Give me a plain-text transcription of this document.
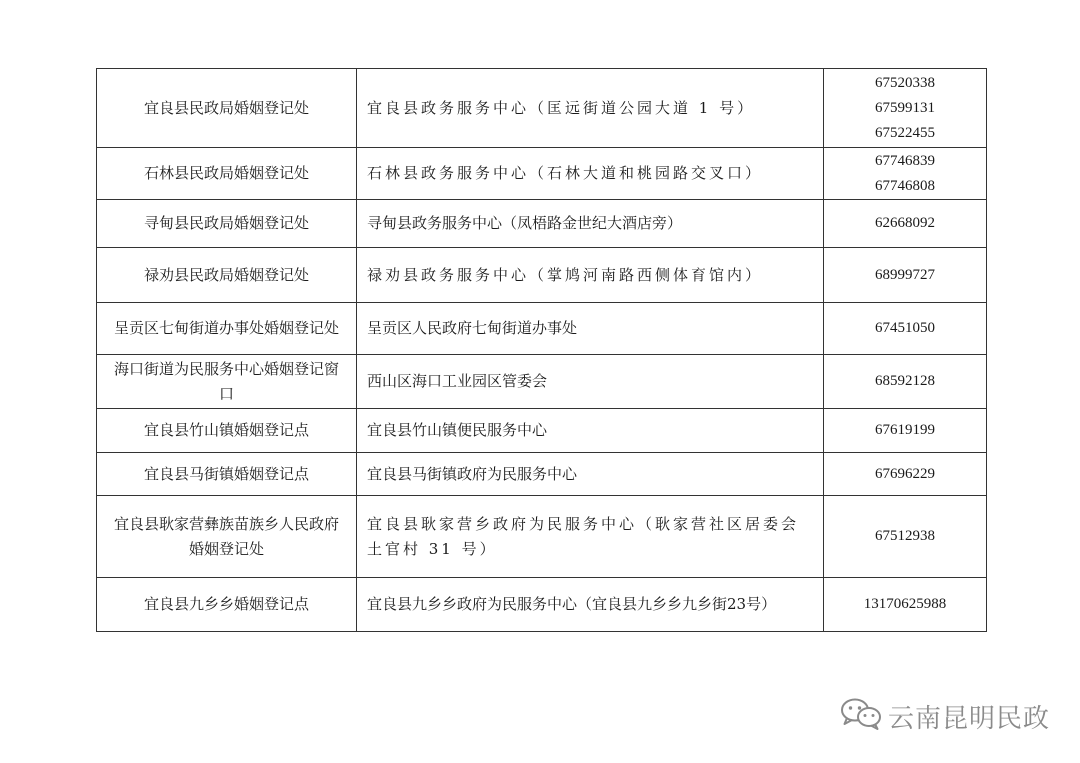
宜良县民政局婚姻登记处	宜良县政务服务中心（匡远街道公园大道 1 号）	67520338
67599131
67522455

石林县民政局婚姻登记处	石林县政务服务中心（石林大道和桃园路交叉口）	67746839
67746808

寻甸县民政局婚姻登记处	寻甸县政务服务中心（凤梧路金世纪大酒店旁）	62668092

禄劝县民政局婚姻登记处	禄劝县政务服务中心（掌鸠河南路西侧体育馆内）	68999727

呈贡区七甸街道办事处婚姻登记处	呈贡区人民政府七甸街道办事处	67451050

海口街道为民服务中心婚姻登记窗口	西山区海口工业园区管委会	68592128

宜良县竹山镇婚姻登记点	宜良县竹山镇便民服务中心	67619199

宜良县马街镇婚姻登记点	宜良县马街镇政府为民服务中心	67696229

宜良县耿家营彝族苗族乡人民政府婚姻登记处	宜良县耿家营乡政府为民服务中心（耿家营社区居委会土官村 31 号）	67512938

宜良县九乡乡婚姻登记点	宜良县九乡乡政府为民服务中心（宜良县九乡乡九乡街23号）	13170625988
云南昆明民政
